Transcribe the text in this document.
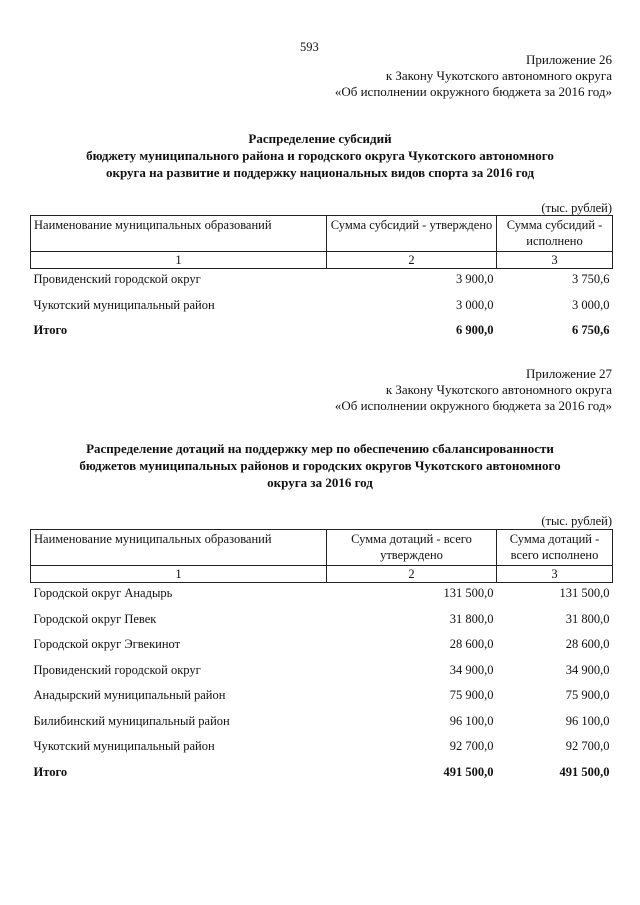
593
Приложение 26
к Закону Чукотского автономного округа
«Об исполнении окружного бюджета за 2016 год»
Распределение субсидий
бюджету муниципального района и городского округа Чукотского автономного
округа на развитие и поддержку национальных видов спорта за 2016 год
(тыс. рублей)
Наименование муниципальных образований	Сумма субсидий - утверждено	Сумма субсидий - исполнено
1	2	3
Провиденский городской округ	3 900,0	3 750,6
Чукотский муниципальный район	3 000,0	3 000,0
Итого	6 900,0	6 750,6
Приложение 27
к Закону Чукотского автономного округа
«Об исполнении окружного бюджета за 2016 год»
Распределение дотаций на поддержку мер по обеспечению сбалансированности
бюджетов муниципальных районов и городских округов Чукотского автономного
округа за 2016 год
(тыс. рублей)
Наименование муниципальных образований	Сумма дотаций - всего утверждено	Сумма дотаций - всего исполнено
1	2	3
Городской округ Анадырь	131 500,0	131 500,0
Городской округ Певек	31 800,0	31 800,0
Городской округ Эгвекинот	28 600,0	28 600,0
Провиденский городской округ	34 900,0	34 900,0
Анадырский муниципальный район	75 900,0	75 900,0
Билибинский муниципальный район	96 100,0	96 100,0
Чукотский муниципальный район	92 700,0	92 700,0
Итого	491 500,0	491 500,0
